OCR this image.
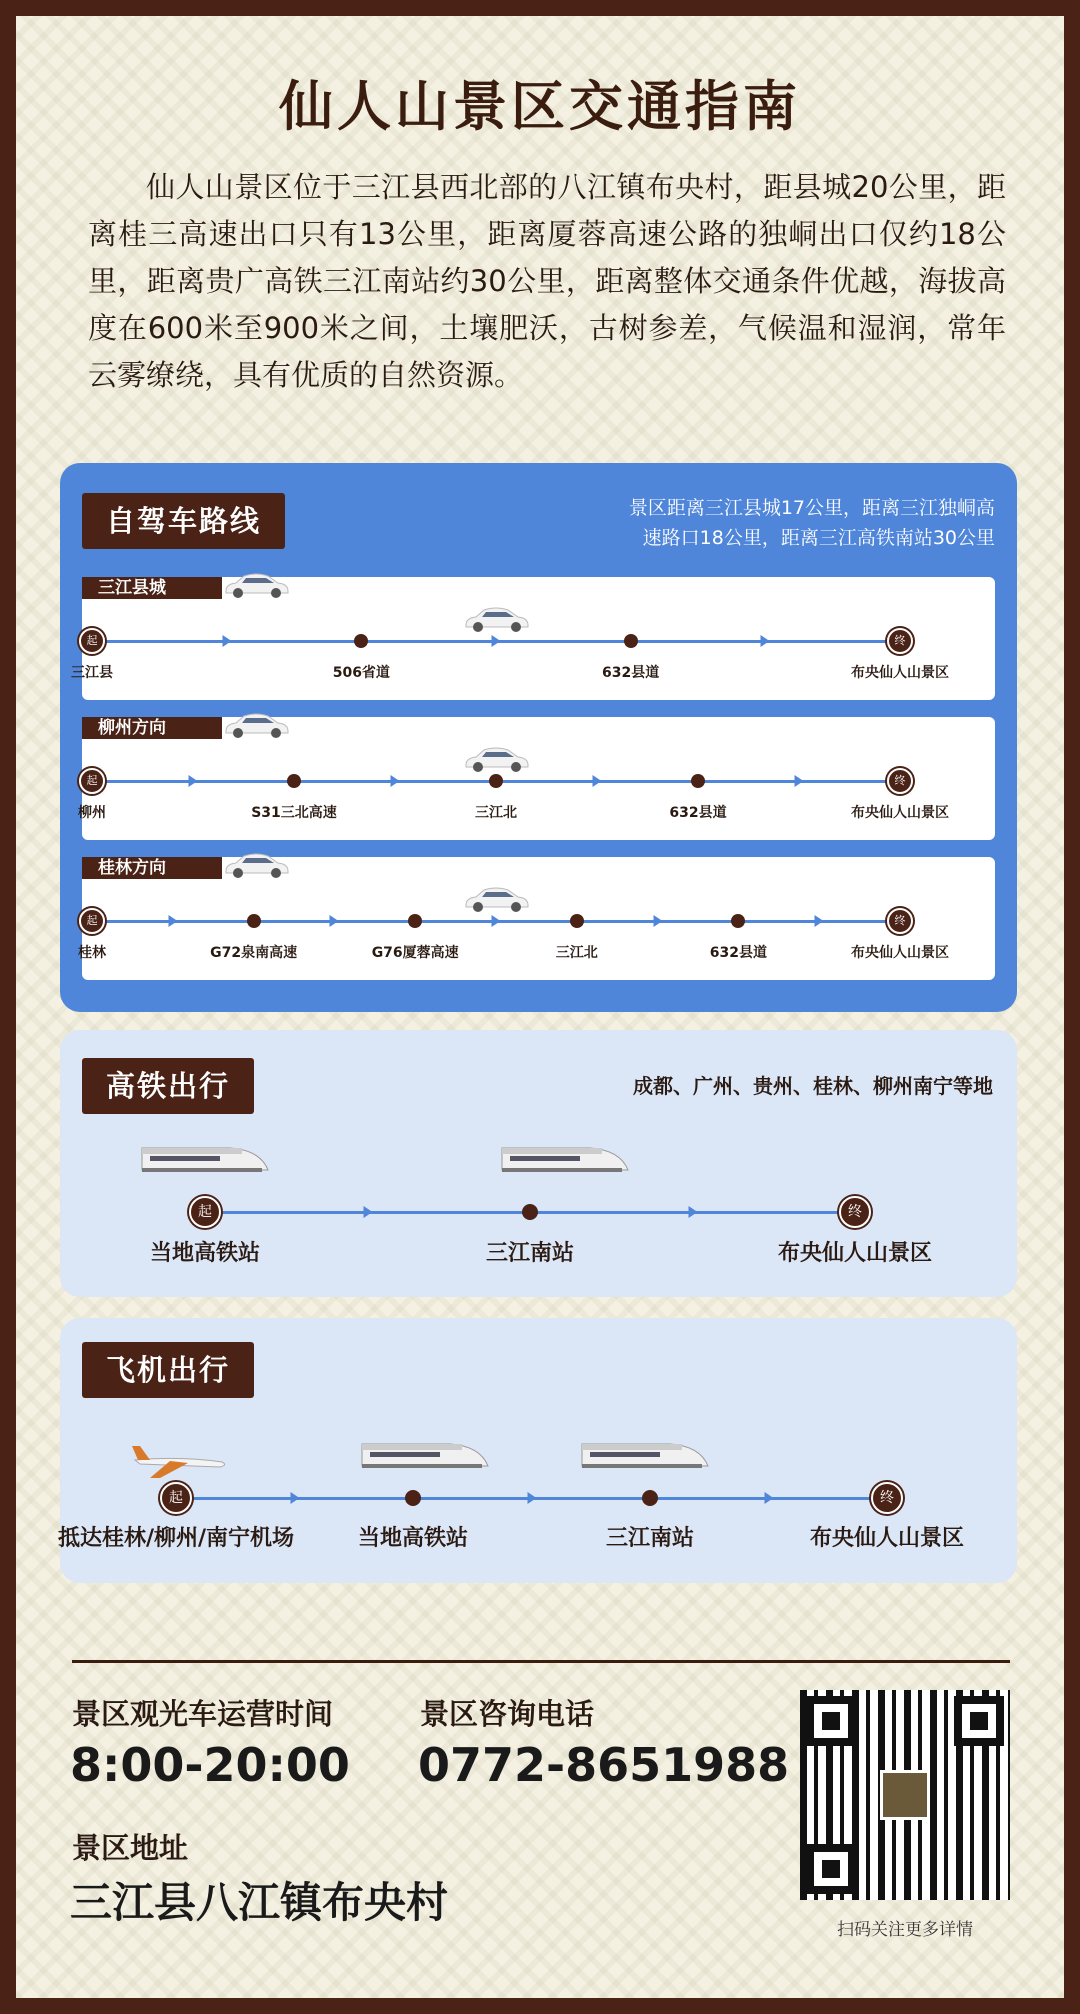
仙人山景区交通指南
仙人山景区位于三江县西北部的八江镇布央村，距县城20公里，距离桂三高速出口只有13公里，距离厦蓉高速公路的独峒出口仅约18公里，距离贵广高铁三江南站约30公里，距离整体交通条件优越，海拔高度在600米至900米之间，土壤肥沃，古树参差，气候温和湿润，常年云雾缭绕，具有优质的自然资源。
自驾车路线	景区距离三江县城17公里，距离三江独峒高
速路口18公里，距离三江高铁南站30公里
三江县城
起
三江县	506省道	632县道
终
布央仙人山景区
柳州方向
起
柳州	S31三北高速	三江北	632县道
终
布央仙人山景区
桂林方向
起
桂林	G72泉南高速	G76厦蓉高速	三江北	632县道
终
布央仙人山景区
高铁出行	成都、广州、贵州、桂林、柳州南宁等地
起
当地高铁站	三江南站
终
布央仙人山景区
飞机出行
起
抵达桂林/柳州/南宁机场	当地高铁站	三江南站
终
布央仙人山景区
景区观光车运营时间
8:00-20:00
景区咨询电话
0772-8651988
景区地址
三江县八江镇布央村
扫码关注更多详情
